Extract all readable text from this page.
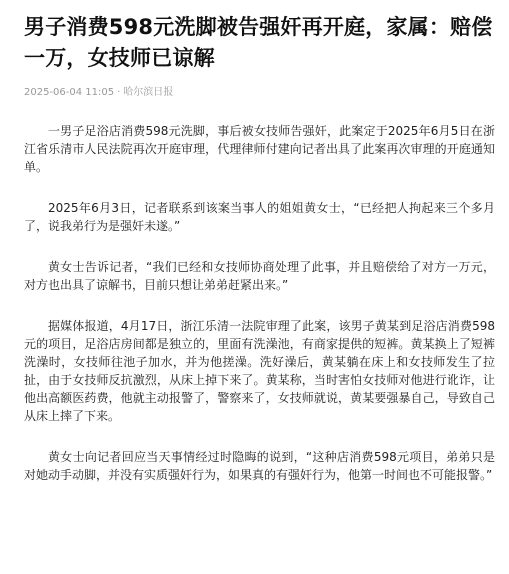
男子消费598元洗脚被告强奸再开庭，家属：赔偿一万，女技师已谅解
2025-06-04 11:05 · 哈尔滨日报

一男子足浴店消费598元洗脚，事后被女技师告强奸，此案定于2025年6月5日在浙江省乐清市人民法院再次开庭审理，代理律师付建向记者出具了此案再次审理的开庭通知单。

2025年6月3日，记者联系到该案当事人的姐姐黄女士，“已经把人拘起来三个多月了，说我弟行为是强奸未遂。”

黄女士告诉记者，“我们已经和女技师协商处理了此事，并且赔偿给了对方一万元，对方也出具了谅解书，目前只想让弟弟赶紧出来。”

据媒体报道，4月17日，浙江乐清一法院审理了此案，该男子黄某到足浴店消费598元的项目，足浴店房间都是独立的，里面有洗澡池，有商家提供的短裤。黄某换上了短裤洗澡时，女技师往池子加水，并为他搓澡。洗好澡后，黄某躺在床上和女技师发生了拉扯，由于女技师反抗激烈，从床上掉下来了。黄某称，当时害怕女技师对他进行讹诈，让他出高额医药费，他就主动报警了，警察来了，女技师就说，黄某要强暴自己，导致自己从床上摔了下来。

黄女士向记者回应当天事情经过时隐晦的说到，“这种店消费598元项目，弟弟只是对她动手动脚，并没有实质强奸行为，如果真的有强奸行为，他第一时间也不可能报警。”
